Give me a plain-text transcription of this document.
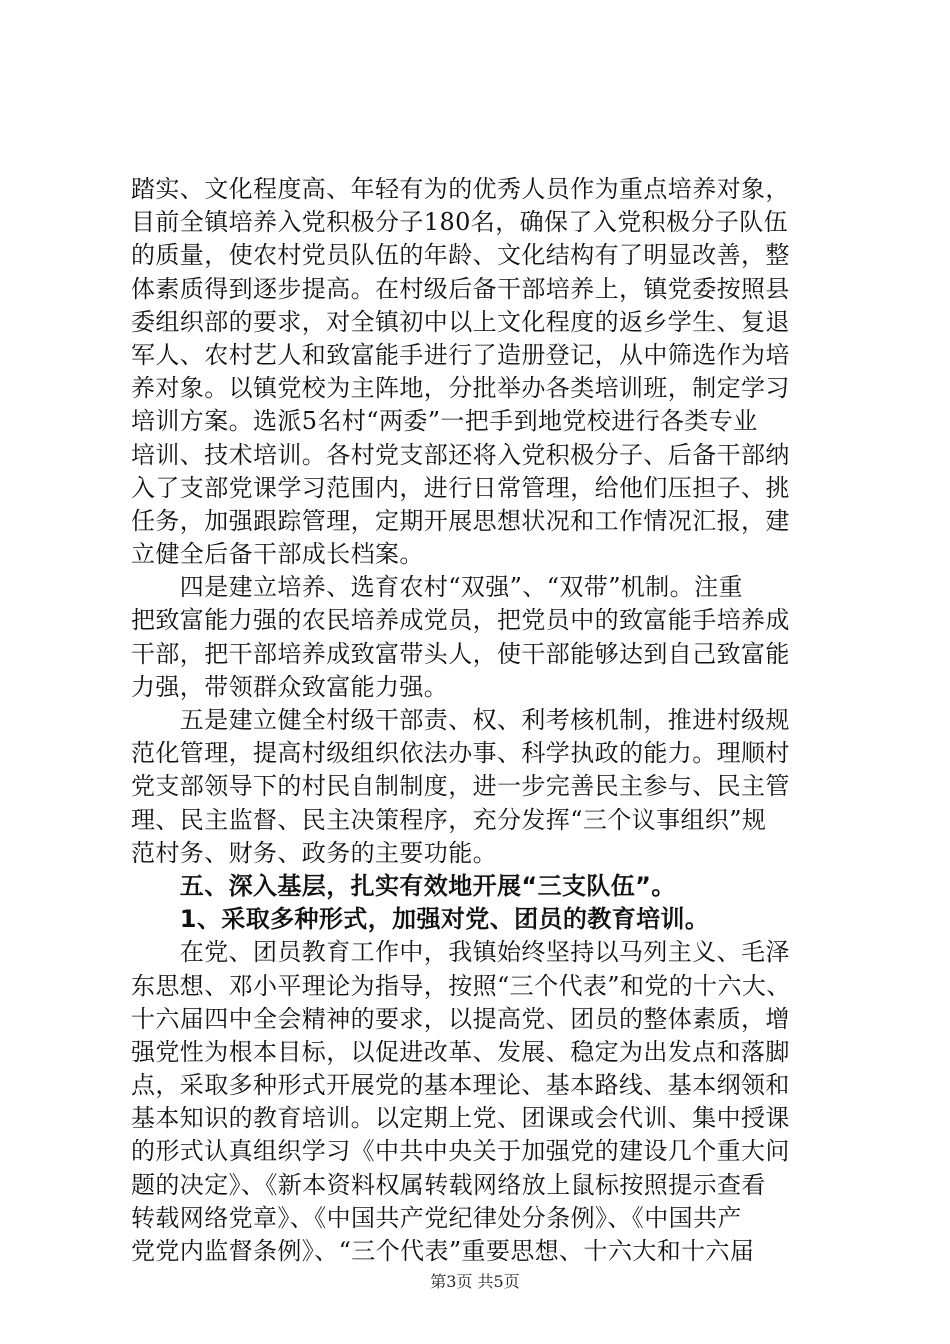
踏实、文化程度高、年轻有为的优秀人员作为重点培养对象，
目前全镇培养入党积极分子180名，确保了入党积极分子队伍
的质量，使农村党员队伍的年龄、文化结构有了明显改善，整
体素质得到逐步提高。在村级后备干部培养上，镇党委按照县
委组织部的要求，对全镇初中以上文化程度的返乡学生、复退
军人、农村艺人和致富能手进行了造册登记，从中筛选作为培
养对象。以镇党校为主阵地，分批举办各类培训班，制定学习
培训方案。选派5名村“两委”一把手到地党校进行各类专业
培训、技术培训。各村党支部还将入党积极分子、后备干部纳
入了支部党课学习范围内，进行日常管理，给他们压担子、挑
任务，加强跟踪管理，定期开展思想状况和工作情况汇报，建
立健全后备干部成长档案。
　　四是建立培养、选育农村“双强”、“双带”机制。注重
把致富能力强的农民培养成党员，把党员中的致富能手培养成
干部，把干部培养成致富带头人，使干部能够达到自己致富能
力强，带领群众致富能力强。
　　五是建立健全村级干部责、权、利考核机制，推进村级规
范化管理，提高村级组织依法办事、科学执政的能力。理顺村
党支部领导下的村民自制制度，进一步完善民主参与、民主管
理、民主监督、民主决策程序，充分发挥“三个议事组织”规
范村务、财务、政务的主要功能。
　　五、深入基层，扎实有效地开展“三支队伍”。
　　1、采取多种形式，加强对党、团员的教育培训。
　　在党、团员教育工作中，我镇始终坚持以马列主义、毛泽
东思想、邓小平理论为指导，按照“三个代表”和党的十六大、
十六届四中全会精神的要求，以提高党、团员的整体素质，增
强党性为根本目标，以促进改革、发展、稳定为出发点和落脚
点，采取多种形式开展党的基本理论、基本路线、基本纲领和
基本知识的教育培训。以定期上党、团课或会代训、集中授课
的形式认真组织学习《中共中央关于加强党的建设几个重大问
题的决定》、《新本资料权属转载网络放上鼠标按照提示查看
转载网络党章》、《中国共产党纪律处分条例》、《中国共产
党党内监督条例》、“三个代表”重要思想、十六大和十六届
第3页 共5页
